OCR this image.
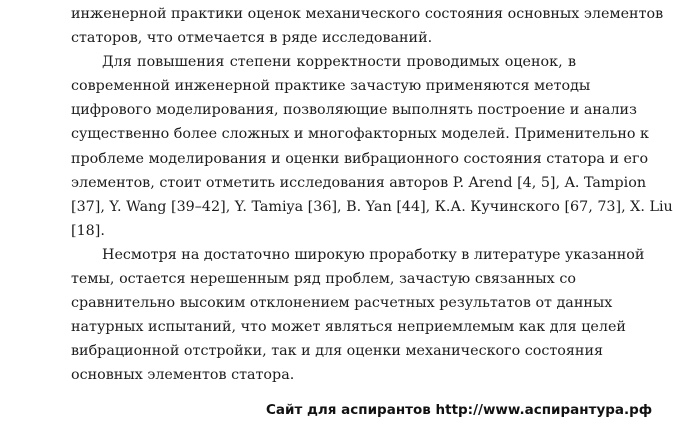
инженерной практики оценок механического состояния основных элементов
статоров, что отмечается в ряде исследований.
Для повышения степени корректности проводимых оценок, в
современной инженерной практике зачастую применяются методы
цифрового моделирования, позволяющие выполнять построение и анализ
существенно более сложных и многофакторных моделей. Применительно к
проблеме моделирования и оценки вибрационного состояния статора и его
элементов, стоит отметить исследования авторов P. Arend [4, 5], A. Tampion
[37], Y. Wang [39–42], Y. Tamiya [36], B. Yan [44], К.А. Кучинского [67, 73], X. Liu
[18].
Несмотря на достаточно широкую проработку в литературе указанной
темы, остается нерешенным ряд проблем, зачастую связанных со
сравнительно высоким отклонением расчетных результатов от данных
натурных испытаний, что может являться неприемлемым как для целей
вибрационной отстройки, так и для оценки механического состояния
основных элементов статора.
Сайт для аспирантов http://www.аспирантура.рф
